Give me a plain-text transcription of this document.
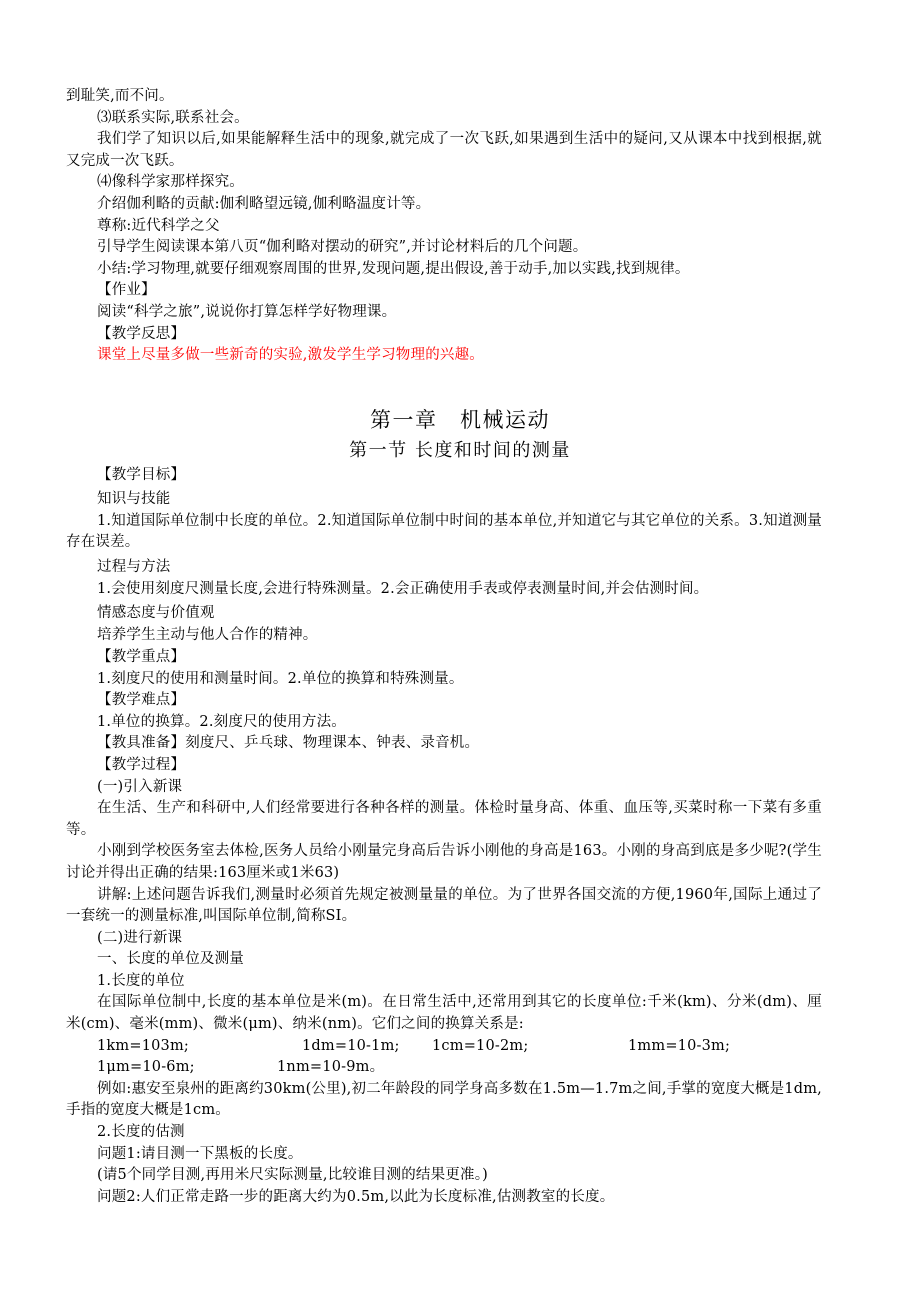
到耻笑,而不问。

⑶联系实际,联系社会。

我们学了知识以后,如果能解释生活中的现象,就完成了一次飞跃,如果遇到生活中的疑问,又从课本中找到根据,就又完成一次飞跃。

⑷像科学家那样探究。

介绍伽利略的贡献:伽利略望远镜,伽利略温度计等。

尊称:近代科学之父

引导学生阅读课本第八页“伽利略对摆动的研究”,并讨论材料后的几个问题。

小结:学习物理,就要仔细观察周围的世界,发现问题,提出假设,善于动手,加以实践,找到规律。

【作业】

阅读“科学之旅”,说说你打算怎样学好物理课。

【教学反思】

课堂上尽量多做一些新奇的实验,激发学生学习物理的兴趣。

第一章　机械运动
第一节 长度和时间的测量

【教学目标】

知识与技能

1.知道国际单位制中长度的单位。2.知道国际单位制中时间的基本单位,并知道它与其它单位的关系。3.知道测量存在误差。

过程与方法

1.会使用刻度尺测量长度,会进行特殊测量。2.会正确使用手表或停表测量时间,并会估测时间。

情感态度与价值观

培养学生主动与他人合作的精神。

【教学重点】

1.刻度尺的使用和测量时间。2.单位的换算和特殊测量。

【教学难点】

1.单位的换算。2.刻度尺的使用方法。

【教具准备】刻度尺、乒乓球、物理课本、钟表、录音机。

【教学过程】

(一)引入新课

在生活、生产和科研中,人们经常要进行各种各样的测量。体检时量身高、体重、血压等,买菜时称一下菜有多重等。

小刚到学校医务室去体检,医务人员给小刚量完身高后告诉小刚他的身高是163。小刚的身高到底是多少呢?(学生讨论并得出正确的结果:163厘米或1米63)

讲解:上述问题告诉我们,测量时必须首先规定被测量量的单位。为了世界各国交流的方便,1960年,国际上通过了一套统一的测量标准,叫国际单位制,简称SI。

(二)进行新课

一、长度的单位及测量

1.长度的单位

在国际单位制中,长度的基本单位是米(m)。在日常生活中,还常用到其它的长度单位:千米(km)、分米(dm)、厘米(cm)、毫米(mm)、微米(μm)、纳米(nm)。它们之间的换算关系是:

1km=103m;	1dm=10-1m; 1cm=10-2m;	1mm=10-3m;
1μm=10-6m;	1nm=10-9m。

例如:惠安至泉州的距离约30km(公里),初二年龄段的同学身高多数在1.5m—1.7m之间,手掌的宽度大概是1dm,手指的宽度大概是1cm。

2.长度的估测

问题1:请目测一下黑板的长度。

(请5个同学目测,再用米尺实际测量,比较谁目测的结果更准。)

问题2:人们正常走路一步的距离大约为0.5m,以此为长度标准,估测教室的长度。
